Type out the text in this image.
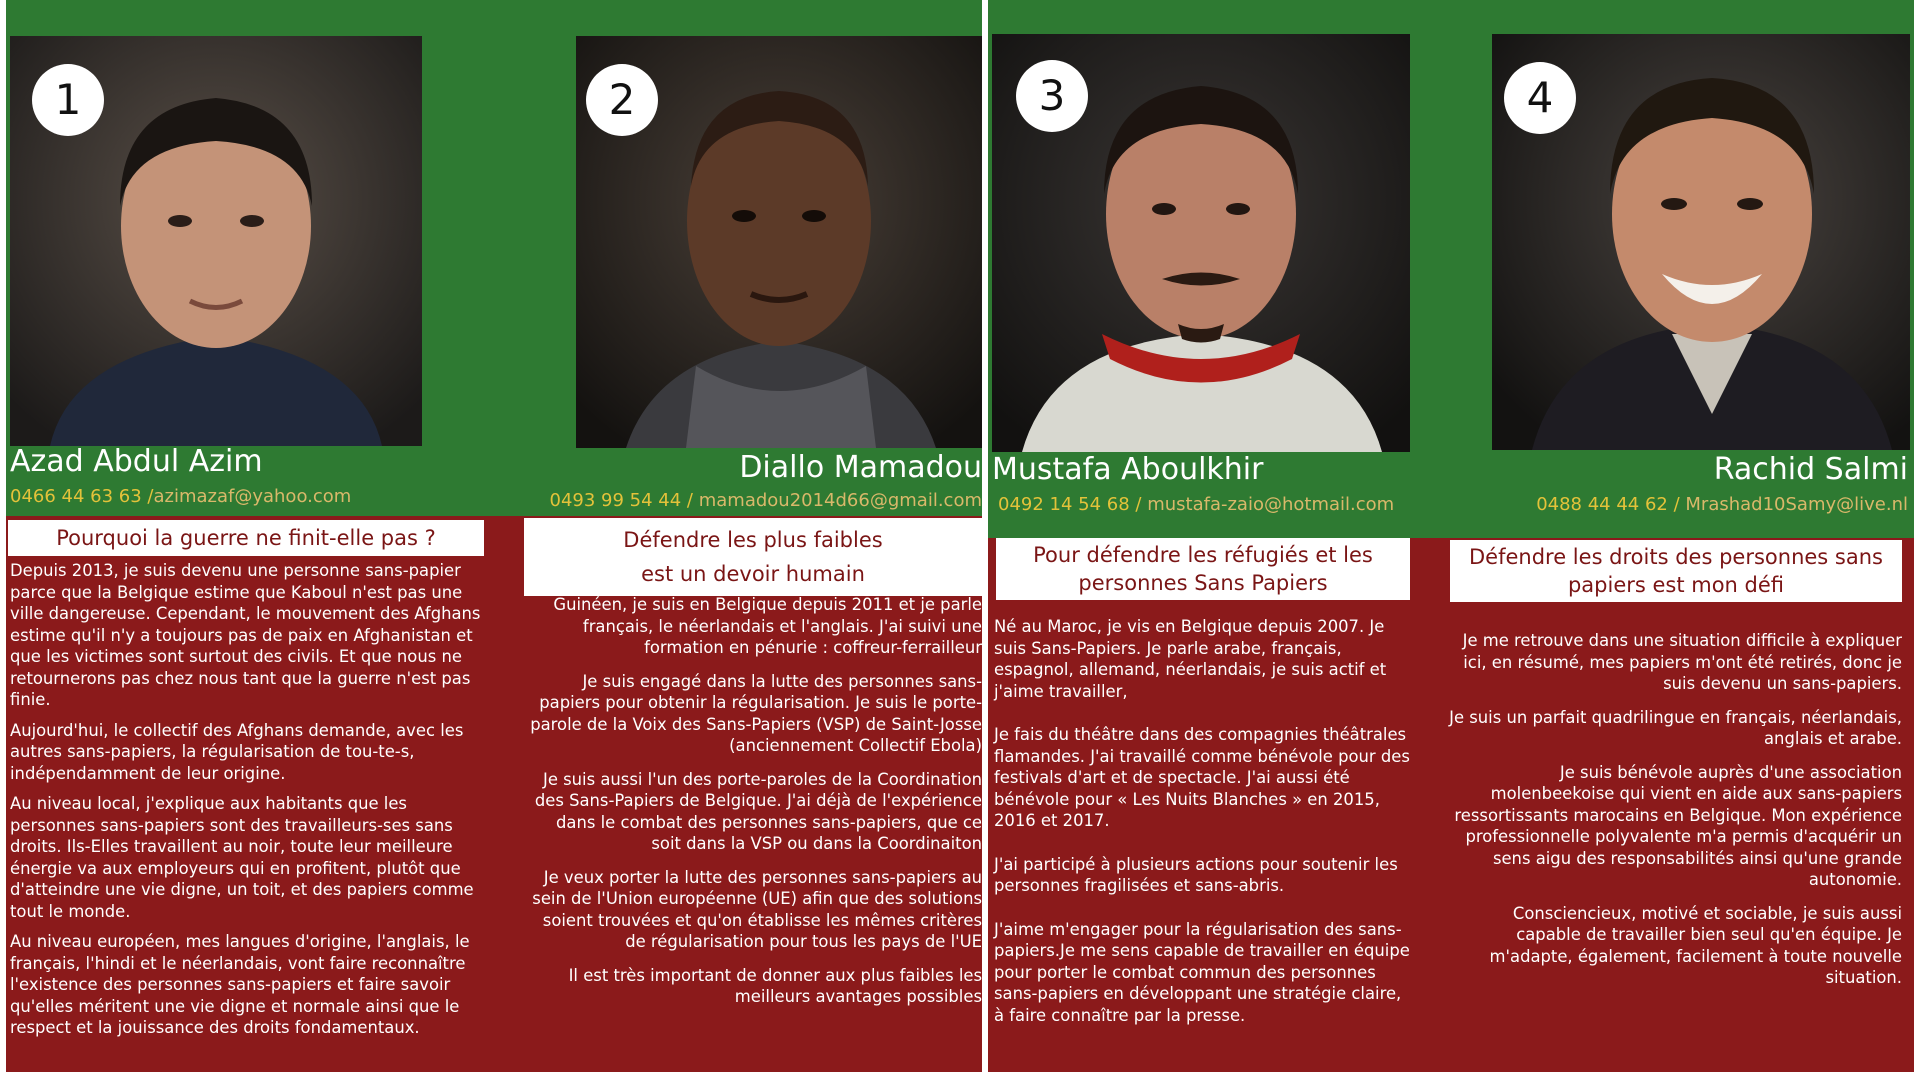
1
Azad Abdul Azim
0466 44 63 63 /azimazaf@yahoo.com
Pourquoi la guerre ne finit-elle pas ?

Depuis 2013, je suis devenu une personne sans-papier parce que la Belgique estime que Kaboul n'est pas une ville dangereuse. Cependant, le mouvement des Afghans estime qu'il n'y a toujours pas de paix en Afghanistan et que les victimes sont surtout des civils. Et que nous ne retournerons pas chez nous tant que la guerre n'est pas finie.

Aujourd'hui, le collectif des Afghans demande, avec les autres sans-papiers, la régularisation de tou-te-s, indépendamment de leur origine.

Au niveau local, j'explique aux habitants que les personnes sans-papiers sont des travailleurs-ses sans droits. Ils-Elles travaillent au noir, toute leur meilleure énergie va aux employeurs qui en profitent, plutôt que d'atteindre une vie digne, un toit, et des papiers comme tout le monde.

Au niveau européen, mes langues d'origine, l'anglais, le français, l'hindi et le néerlandais, vont faire reconnaître l'existence des personnes sans-papiers et faire savoir qu'elles méritent une vie digne et normale ainsi que le respect et la jouissance des droits fondamentaux.

2
Diallo Mamadou
0493 99 54 44 / mamadou2014d66@gmail.com
Défendre les plus faibles
est un devoir humain

Guinéen, je suis en Belgique depuis 2011 et je parle français, le néerlandais et l'anglais. J'ai suivi une formation en pénurie : coffreur-ferrailleur

Je suis engagé dans la lutte des personnes sans-papiers pour obtenir la régularisation. Je suis le porte-parole de la Voix des Sans-Papiers (VSP) de Saint-Josse (anciennement Collectif Ebola)

Je suis aussi l'un des porte-paroles de la Coordination des Sans-Papiers de Belgique. J'ai déjà de l'expérience dans le combat des personnes sans-papiers, que ce soit dans la VSP ou dans la Coordinaiton

Je veux porter la lutte des personnes sans-papiers au sein de l'Union européenne (UE) afin que des solutions soient trouvées et qu'on établisse les mêmes critères de régularisation pour tous les pays de l'UE

Il est très important de donner aux plus faibles les meilleurs avantages possibles

3
Mustafa Aboulkhir
0492 14 54 68 / mustafa-zaio@hotmail.com
Pour défendre les réfugiés et les personnes Sans Papiers

Né au Maroc, je vis en Belgique depuis 2007. Je suis Sans-Papiers. Je parle arabe, français, espagnol, allemand, néerlandais, je suis actif et j'aime travailler,

Je fais du théâtre dans des compagnies théâtrales flamandes. J'ai travaillé comme bénévole pour des festivals d'art et de spectacle. J'ai aussi été bénévole pour « Les Nuits Blanches » en 2015, 2016 et 2017.

J'ai participé à plusieurs actions pour soutenir les personnes fragilisées et sans-abris.

J'aime m'engager pour la régularisation des sans-papiers.Je me sens capable de travailler en équipe pour porter le combat commun des personnes sans-papiers en développant une stratégie claire, à faire connaître par la presse.

4
Rachid Salmi
0488 44 44 62 / Mrashad10Samy@live.nl
Défendre les droits des personnes sans papiers est mon défi

Je me retrouve dans une situation difficile à expliquer ici, en résumé, mes papiers m'ont été retirés, donc je suis devenu un sans-papiers.

Je suis un parfait quadrilingue en français, néerlandais, anglais et arabe.

Je suis bénévole auprès d'une association molenbeekoise qui vient en aide aux sans-papiers ressortissants marocains en Belgique. Mon expérience professionnelle polyvalente m'a permis d'acquérir un sens aigu des responsabilités ainsi qu'une grande autonomie.

Consciencieux, motivé et sociable, je suis aussi capable de travailler bien seul qu'en équipe. Je m'adapte, également, facilement à toute nouvelle situation.
